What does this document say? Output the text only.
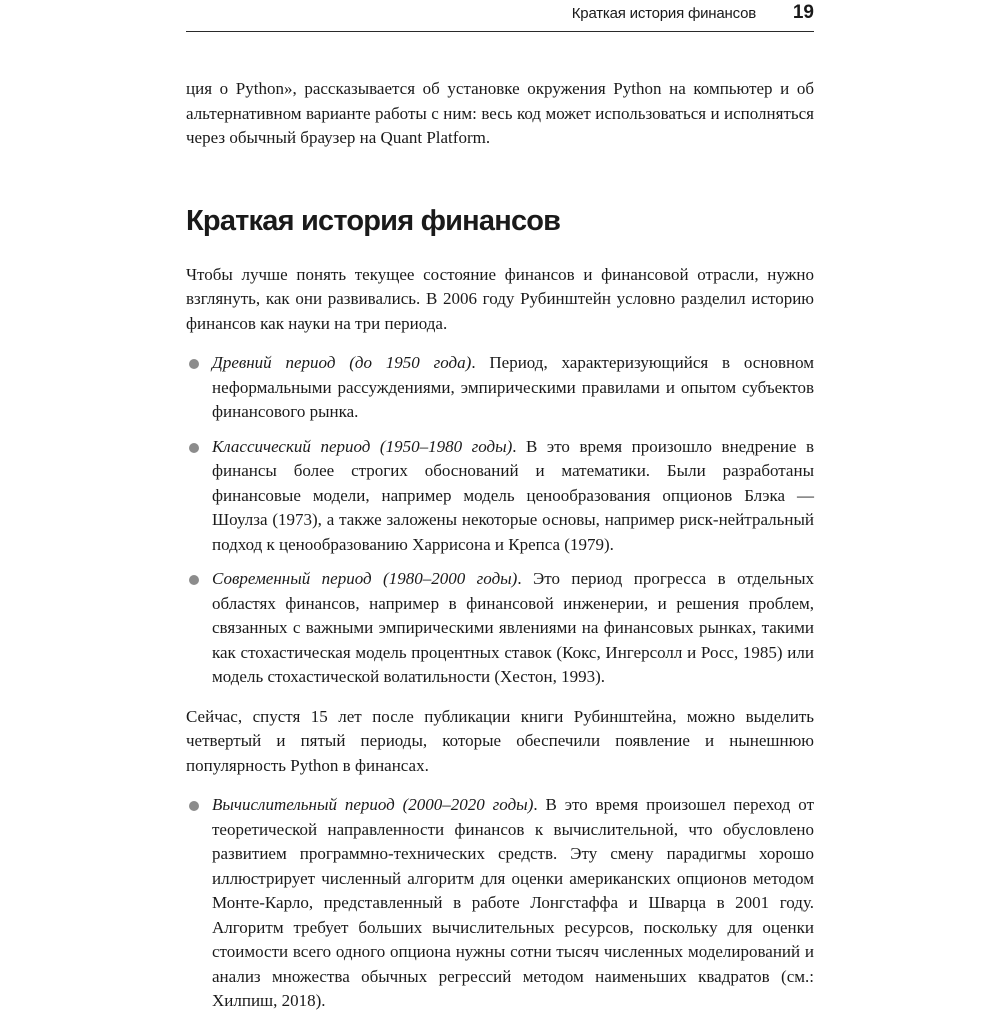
Краткая история финансов 19

ция о Python», рассказывается об установке окружения Python на компьютер и об альтернативном варианте работы с ним: весь код может использоваться и исполняться через обычный браузер на Quant Platform.

Краткая история финансов

Чтобы лучше понять текущее состояние финансов и финансовой отрасли, нужно взглянуть, как они развивались. В 2006 году Рубинштейн условно разделил историю финансов как науки на три периода.

Древний период (до 1950 года). Период, характеризующийся в основном неформальными рассуждениями, эмпирическими правилами и опытом субъектов финансового рынка.

Классический период (1950–1980 годы). В это время произошло внедрение в финансы более строгих обоснований и математики. Были разработаны финансовые модели, например модель ценообразования опционов Блэка — Шоулза (1973), а также заложены некоторые основы, например риск-нейтральный подход к ценообразованию Харрисона и Крепса (1979).

Современный период (1980–2000 годы). Это период прогресса в отдельных областях финансов, например в финансовой инженерии, и решения проблем, связанных с важными эмпирическими явлениями на финансовых рынках, такими как стохастическая модель процентных ставок (Кокс, Ингерсолл и Росс, 1985) или модель стохастической волатильности (Хестон, 1993).

Сейчас, спустя 15 лет после публикации книги Рубинштейна, можно выделить четвертый и пятый периоды, которые обеспечили появление и нынешнюю популярность Python в финансах.

Вычислительный период (2000–2020 годы). В это время произошел переход от теоретической направленности финансов к вычислительной, что обусловлено развитием программно-технических средств. Эту смену парадигмы хорошо иллюстрирует численный алгоритм для оценки американских опционов методом Монте-Карло, представленный в работе Лонгстаффа и Шварца в 2001 году. Алгоритм требует больших вычислительных ресурсов, поскольку для оценки стоимости всего одного опциона нужны сотни тысяч численных моделирований и анализ множества обычных регрессий методом наименьших квадратов (см.: Хилпиш, 2018).
